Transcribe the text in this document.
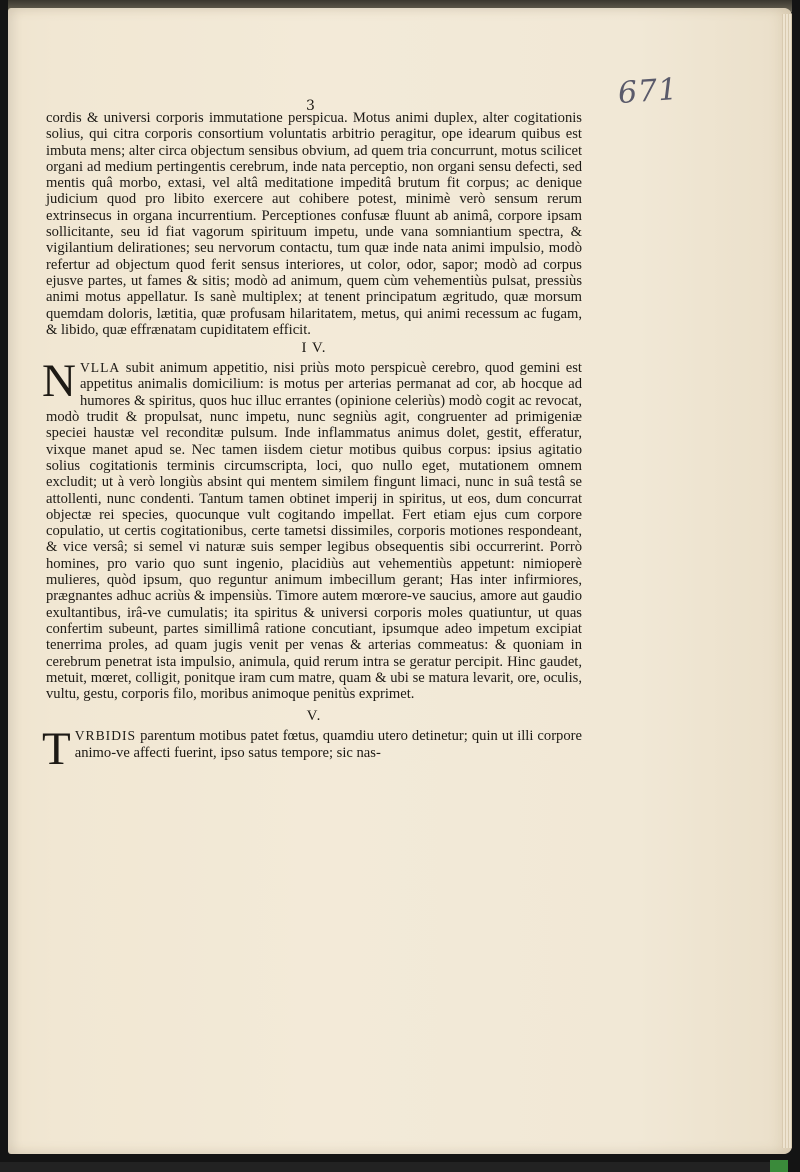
671
3

cordis & universi corporis immutatione perspicua. Motus animi duplex, alter cogitationis solius, qui citra corporis consortium voluntatis arbitrio peragitur, ope idearum quibus est imbuta mens; alter circa objectum sensibus obvium, ad quem tria concurrunt, motus scilicet organi ad medium pertingentis cerebrum, inde nata perceptio, non organi sensu defecti, sed mentis quâ morbo, extasi, vel altâ meditatione impeditâ brutum fit corpus; ac denique judicium quod pro libito exercere aut cohibere potest, minimè verò sensum rerum extrinsecus in organa incurrentium. Perceptiones confusæ fluunt ab animâ, corpore ipsam sollicitante, seu id fiat vagorum spirituum impetu, unde vana somniantium spectra, & vigilantium delirationes; seu nervorum contactu, tum quæ inde nata animi impulsio, modò refertur ad objectum quod ferit sensus interiores, ut color, odor, sapor; modò ad corpus ejusve partes, ut fames & sitis; modò ad animum, quem cùm vehementiùs pulsat, pressiùs animi motus appellatur. Is sanè multiplex; at tenent principatum ægritudo, quæ morsum quemdam doloris, lætitia, quæ profusam hilaritatem, metus, qui animi recessum ac fugam, & libido, quæ effrænatam cupiditatem efficit.

I V.

NVLLA subit animum appetitio, nisi priùs moto perspicuè cerebro, quod gemini est appetitus animalis domicilium: is motus per arterias permanat ad cor, ab hocque ad humores & spiritus, quos huc illuc errantes (opinione celeriùs) modò cogit ac revocat, modò trudit & propulsat, nunc impetu, nunc segniùs agit, congruenter ad primigeniæ speciei haustæ vel reconditæ pulsum. Inde inflammatus animus dolet, gestit, efferatur, vixque manet apud se. Nec tamen iisdem cietur motibus quibus corpus: ipsius agitatio solius cogitationis terminis circumscripta, loci, quo nullo eget, mutationem omnem excludit; ut à verò longiùs absint qui mentem similem fingunt limaci, nunc in suâ testâ se attollenti, nunc condenti. Tantum tamen obtinet imperij in spiritus, ut eos, dum concurrat objectæ rei species, quocunque vult cogitando impellat. Fert etiam ejus cum corpore copulatio, ut certis cogitationibus, certe tametsi dissimiles, corporis motiones respondeant, & vice versâ; si semel vi naturæ suis semper legibus obsequentis sibi occurrerint. Porrò homines, pro vario quo sunt ingenio, placidiùs aut vehementiùs appetunt: nimioperè mulieres, quòd ipsum, quo reguntur animum imbecillum gerant; Has inter infirmiores, prægnantes adhuc acriùs & impensiùs. Timore autem mœrore-ve saucius, amore aut gaudio exultantibus, irâ-ve cumulatis; ita spiritus & universi corporis moles quatiuntur, ut quas confertim subeunt, partes simillimâ ratione concutiant, ipsumque adeo impetum excipiat tenerrima proles, ad quam jugis venit per venas & arterias commeatus: & quoniam in cerebrum penetrat ista impulsio, animula, quid rerum intra se geratur percipit. Hinc gaudet, metuit, mœret, colligit, ponitque iram cum matre, quam & ubi se matura levarit, ore, oculis, vultu, gestu, corporis filo, moribus animoque penitùs exprimet.

V.

TVRBIDIS parentum motibus patet fœtus, quamdiu utero detinetur; quin ut illi corpore animo-ve affecti fuerint, ipso satus tempore; sic nas-
